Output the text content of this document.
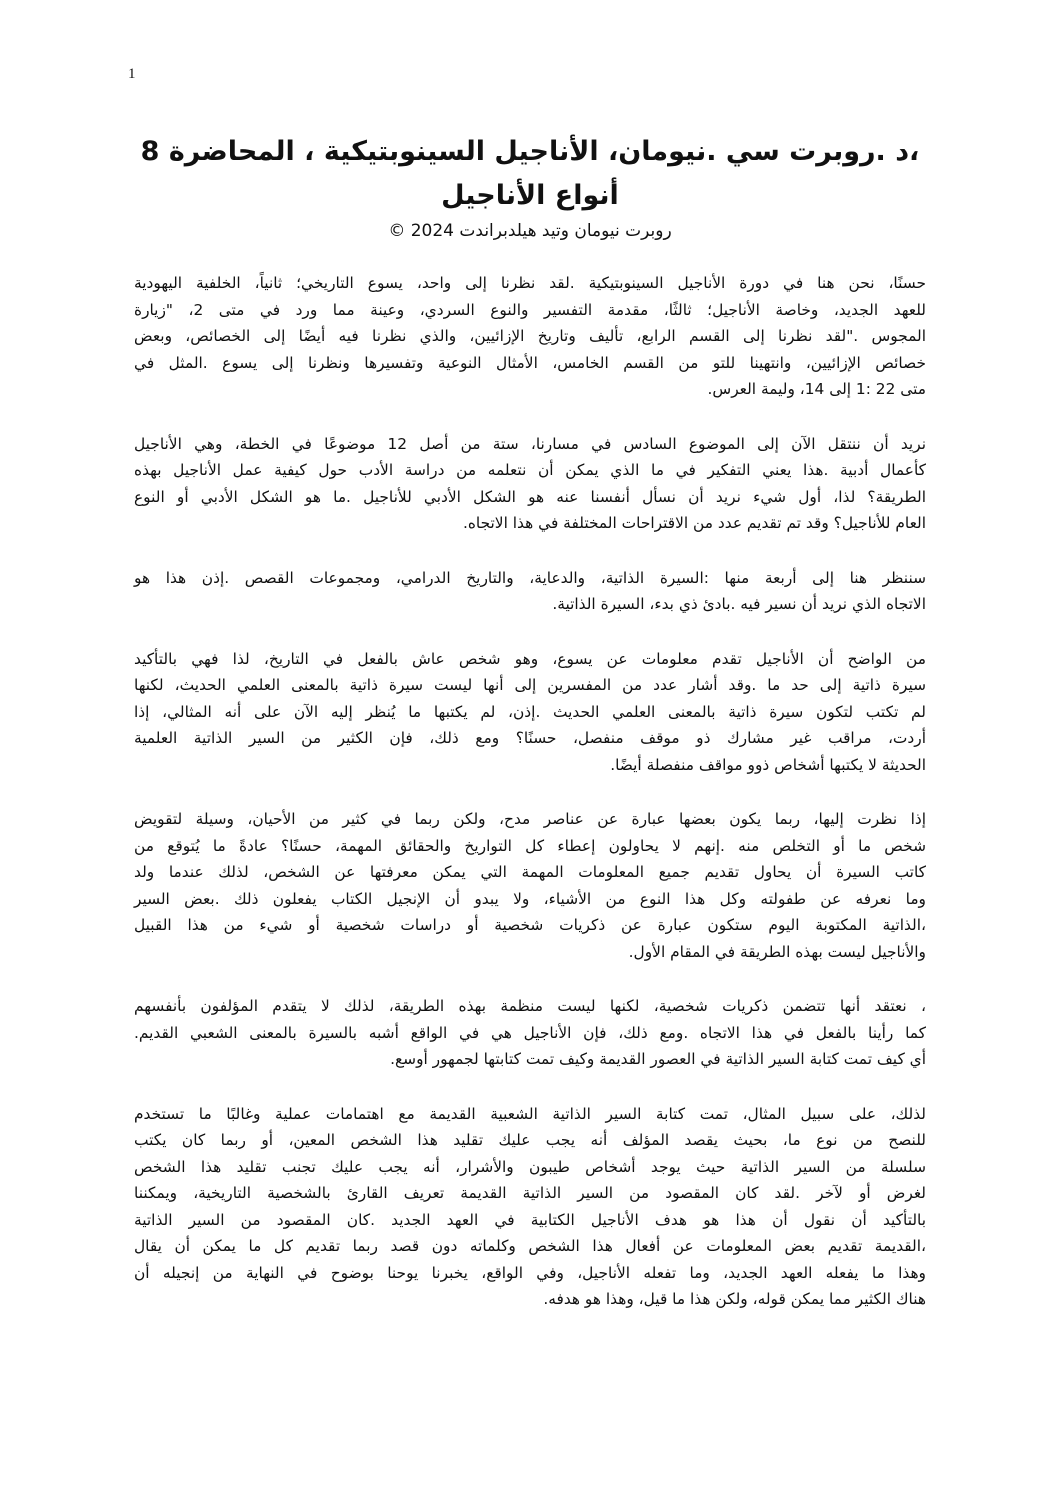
1
،د .روبرت سي .نيومان، الأناجيل السينوبتيكية ، المحاضرة 8
أنواع الأناجيل
روبرت نيومان وتيد هيلدبراندت 2024 ©
حسنًا، نحن هنا في دورة الأناجيل السينوبتيكية .لقد نظرنا إلى واحد، يسوع التاريخي؛ ثانياً، الخلفية اليهودية
للعهد الجديد، وخاصة الأناجيل؛ ثالثًا، مقدمة التفسير والنوع السردي، وعينة مما ورد في متى 2، "زيارة
المجوس ."لقد نظرنا إلى القسم الرابع، تأليف وتاريخ الإزائيين، والذي نظرنا فيه أيضًا إلى الخصائص، وبعض
خصائص الإزائيين، وانتهينا للتو من القسم الخامس، الأمثال النوعية وتفسيرها ونظرنا إلى يسوع .المثل في
متى 22 :1 إلى 14، وليمة العرس.
نريد أن ننتقل الآن إلى الموضوع السادس في مسارنا، ستة من أصل 12 موضوعًا في الخطة، وهي الأناجيل
كأعمال أدبية .هذا يعني التفكير في ما الذي يمكن أن نتعلمه من دراسة الأدب حول كيفية عمل الأناجيل بهذه
الطريقة؟ لذا، أول شيء نريد أن نسأل أنفسنا عنه هو الشكل الأدبي للأناجيل .ما هو الشكل الأدبي أو النوع
العام للأناجيل؟ وقد تم تقديم عدد من الاقتراحات المختلفة في هذا الاتجاه.
سننظر هنا إلى أربعة منها :السيرة الذاتية، والدعاية، والتاريخ الدرامي، ومجموعات القصص .إذن هذا هو
الاتجاه الذي نريد أن نسير فيه .بادئ ذي بدء، السيرة الذاتية.
من الواضح أن الأناجيل تقدم معلومات عن يسوع، وهو شخص عاش بالفعل في التاريخ، لذا فهي بالتأكيد
سيرة ذاتية إلى حد ما .وقد أشار عدد من المفسرين إلى أنها ليست سيرة ذاتية بالمعنى العلمي الحديث، لكنها
لم تكتب لتكون سيرة ذاتية بالمعنى العلمي الحديث .إذن، لم يكتبها ما يُنظر إليه الآن على أنه المثالي، إذا
أردت، مراقب غير مشارك ذو موقف منفصل، حسنًا؟ ومع ذلك، فإن الكثير من السير الذاتية العلمية
الحديثة لا يكتبها أشخاص ذوو مواقف منفصلة أيضًا.
إذا نظرت إليها، ربما يكون بعضها عبارة عن عناصر مدح، ولكن ربما في كثير من الأحيان، وسيلة لتقويض
شخص ما أو التخلص منه .إنهم لا يحاولون إعطاء كل التواريخ والحقائق المهمة، حسنًا؟ عادةً ما يُتوقع من
كاتب السيرة أن يحاول تقديم جميع المعلومات المهمة التي يمكن معرفتها عن الشخص، لذلك عندما ولد
وما نعرفه عن طفولته وكل هذا النوع من الأشياء، ولا يبدو أن الإنجيل الكتاب يفعلون ذلك .بعض السير
،الذاتية المكتوبة اليوم ستكون عبارة عن ذكريات شخصية أو دراسات شخصية أو شيء من هذا القبيل
والأناجيل ليست بهذه الطريقة في المقام الأول.
، نعتقد أنها تتضمن ذكريات شخصية، لكنها ليست منظمة بهذه الطريقة، لذلك لا يتقدم المؤلفون بأنفسهم
كما رأينا بالفعل في هذا الاتجاه .ومع ذلك، فإن الأناجيل هي في الواقع أشبه بالسيرة بالمعنى الشعبي القديم.
أي كيف تمت كتابة السير الذاتية في العصور القديمة وكيف تمت كتابتها لجمهور أوسع.
لذلك، على سبيل المثال، تمت كتابة السير الذاتية الشعبية القديمة مع اهتمامات عملية وغالبًا ما تستخدم
للنصح من نوع ما، بحيث يقصد المؤلف أنه يجب عليك تقليد هذا الشخص المعين، أو ربما كان يكتب
سلسلة من السير الذاتية حيث يوجد أشخاص طيبون والأشرار، أنه يجب عليك تجنب تقليد هذا الشخص
لغرض أو لآخر .لقد كان المقصود من السير الذاتية القديمة تعريف القارئ بالشخصية التاريخية، ويمكننا
بالتأكيد أن نقول أن هذا هو هدف الأناجيل الكتابية في العهد الجديد .كان المقصود من السير الذاتية
،القديمة تقديم بعض المعلومات عن أفعال هذا الشخص وكلماته دون قصد ربما تقديم كل ما يمكن أن يقال
وهذا ما يفعله العهد الجديد، وما تفعله الأناجيل، وفي الواقع، يخبرنا يوحنا بوضوح في النهاية من إنجيله أن
هناك الكثير مما يمكن قوله، ولكن هذا ما قيل، وهذا هو هدفه.
